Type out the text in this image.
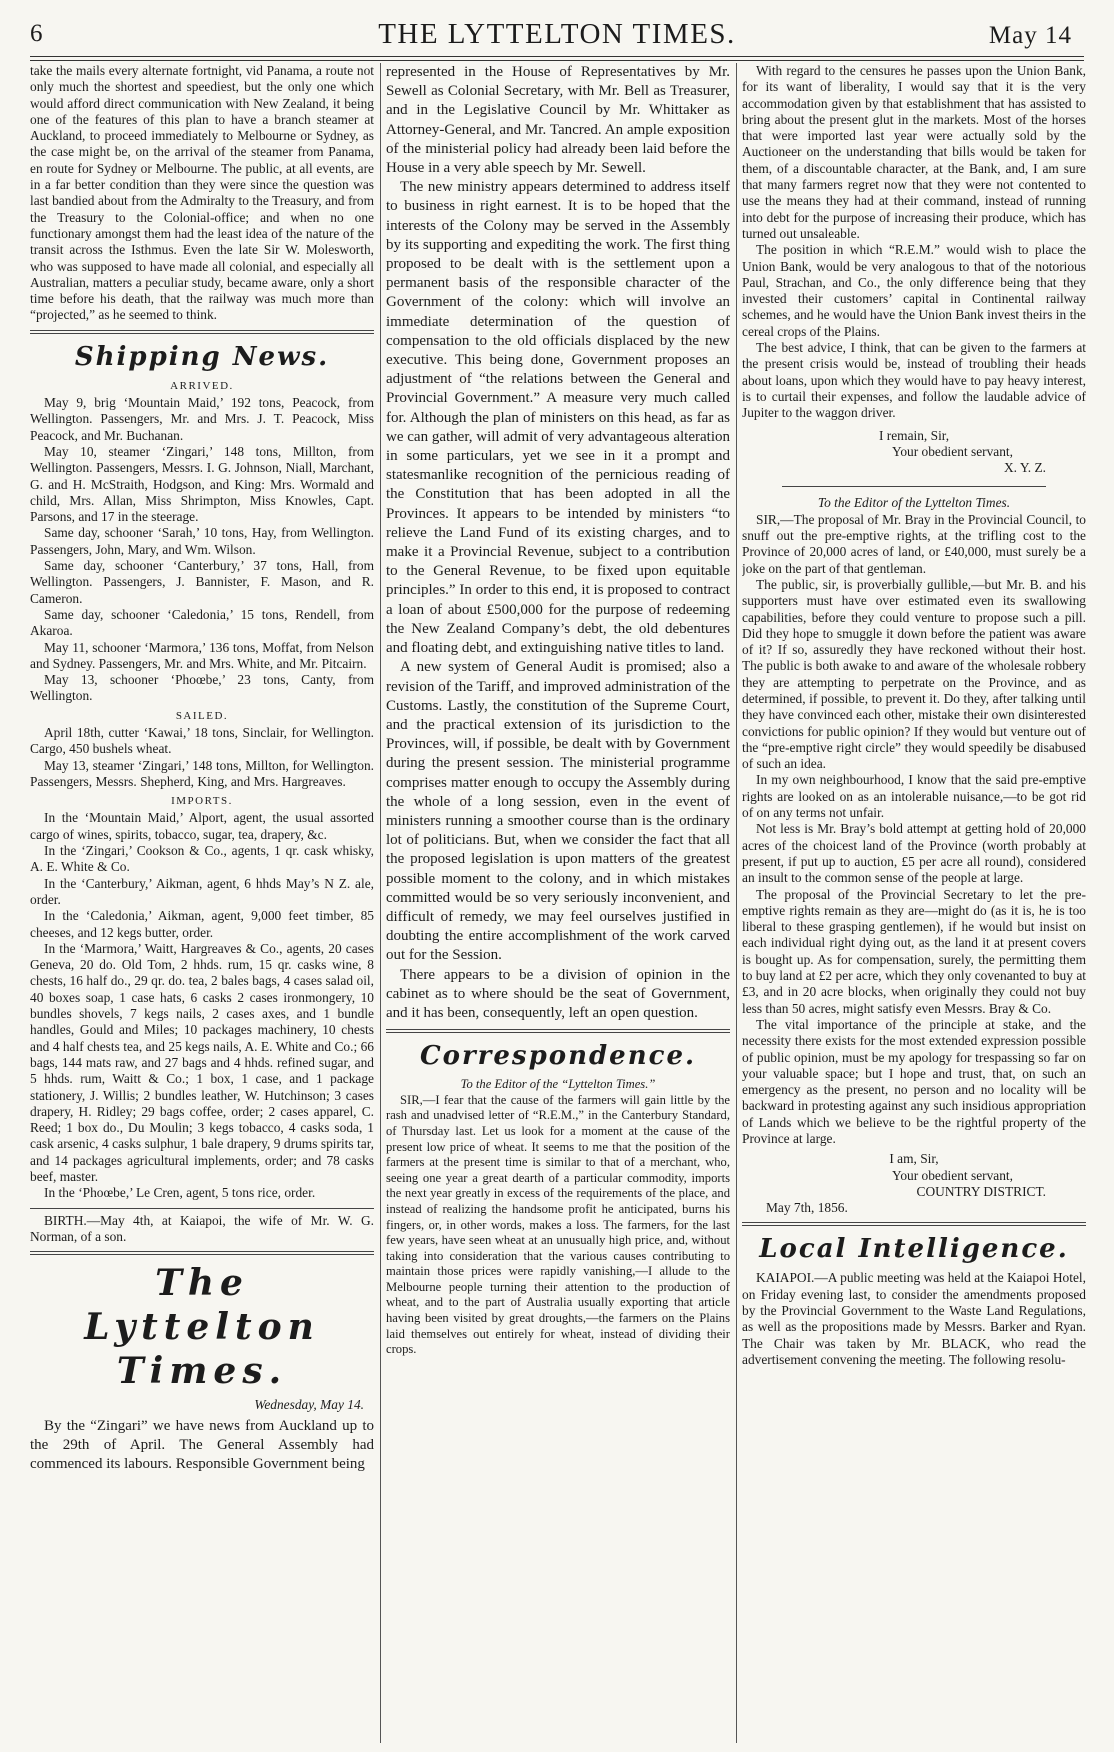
6	THE LYTTELTON TIMES.	May 14

take the mails every alternate fortnight, vid Panama, a route not only much the shortest and speediest, but the only one which would afford direct communication with New Zealand, it being one of the features of this plan to have a branch steamer at Auckland, to proceed immediately to Melbourne or Sydney, as the case might be, on the arrival of the steamer from Panama, en route for Sydney or Melbourne. The public, at all events, are in a far better condition than they were since the question was last bandied about from the Admiralty to the Treasury, and from the Treasury to the Colonial-office; and when no one functionary amongst them had the least idea of the nature of the transit across the Isthmus. Even the late Sir W. Molesworth, who was supposed to have made all colonial, and especially all Australian, matters a peculiar study, became aware, only a short time before his death, that the railway was much more than “projected,” as he seemed to think.

Shipping News.
ARRIVED.

May 9, brig ‘Mountain Maid,’ 192 tons, Peacock, from Wellington. Passengers, Mr. and Mrs. J. T. Peacock, Miss Peacock, and Mr. Buchanan.

May 10, steamer ‘Zingari,’ 148 tons, Millton, from Wellington. Passengers, Messrs. I. G. Johnson, Niall, Marchant, G. and H. McStraith, Hodgson, and King: Mrs. Wormald and child, Mrs. Allan, Miss Shrimpton, Miss Knowles, Capt. Parsons, and 17 in the steerage.

Same day, schooner ‘Sarah,’ 10 tons, Hay, from Wellington. Passengers, John, Mary, and Wm. Wilson.

Same day, schooner ‘Canterbury,’ 37 tons, Hall, from Wellington. Passengers, J. Bannister, F. Mason, and R. Cameron.

Same day, schooner ‘Caledonia,’ 15 tons, Rendell, from Akaroa.

May 11, schooner ‘Marmora,’ 136 tons, Moffat, from Nelson and Sydney. Passengers, Mr. and Mrs. White, and Mr. Pitcairn.

May 13, schooner ‘Phoœbe,’ 23 tons, Canty, from Wellington.

SAILED.

April 18th, cutter ‘Kawai,’ 18 tons, Sinclair, for Wellington. Cargo, 450 bushels wheat.

May 13, steamer ‘Zingari,’ 148 tons, Millton, for Wellington. Passengers, Messrs. Shepherd, King, and Mrs. Hargreaves.

IMPORTS.

In the ‘Mountain Maid,’ Alport, agent, the usual assorted cargo of wines, spirits, tobacco, sugar, tea, drapery, &c.

In the ‘Zingari,’ Cookson & Co., agents, 1 qr. cask whisky, A. E. White & Co.

In the ‘Canterbury,’ Aikman, agent, 6 hhds May’s N Z. ale, order.

In the ‘Caledonia,’ Aikman, agent, 9,000 feet timber, 85 cheeses, and 12 kegs butter, order.

In the ‘Marmora,’ Waitt, Hargreaves & Co., agents, 20 cases Geneva, 20 do. Old Tom, 2 hhds. rum, 15 qr. casks wine, 8 chests, 16 half do., 29 qr. do. tea, 2 bales bags, 4 cases salad oil, 40 boxes soap, 1 case hats, 6 casks 2 cases ironmongery, 10 bundles shovels, 7 kegs nails, 2 cases axes, and 1 bundle handles, Gould and Miles; 10 packages machinery, 10 chests and 4 half chests tea, and 25 kegs nails, A. E. White and Co.; 66 bags, 144 mats raw, and 27 bags and 4 hhds. refined sugar, and 5 hhds. rum, Waitt & Co.; 1 box, 1 case, and 1 package stationery, J. Willis; 2 bundles leather, W. Hutchinson; 3 cases drapery, H. Ridley; 29 bags coffee, order; 2 cases apparel, C. Reed; 1 box do., Du Moulin; 3 kegs tobacco, 4 casks soda, 1 cask arsenic, 4 casks sulphur, 1 bale drapery, 9 drums spirits tar, and 14 packages agricultural implements, order; and 78 casks beef, master.

In the ‘Phoœbe,’ Le Cren, agent, 5 tons rice, order.

BIRTH.—May 4th, at Kaiapoi, the wife of Mr. W. G. Norman, of a son.

The Lyttelton Times.
Wednesday, May 14.

By the “Zingari” we have news from Auckland up to the 29th of April. The General Assembly had commenced its labours. Responsible Government being

represented in the House of Representatives by Mr. Sewell as Colonial Secretary, with Mr. Bell as Treasurer, and in the Legislative Council by Mr. Whittaker as Attorney-General, and Mr. Tancred. An ample exposition of the ministerial policy had already been laid before the House in a very able speech by Mr. Sewell.

The new ministry appears determined to address itself to business in right earnest. It is to be hoped that the interests of the Colony may be served in the Assembly by its supporting and expediting the work. The first thing proposed to be dealt with is the settlement upon a permanent basis of the responsible character of the Government of the colony: which will involve an immediate determination of the question of compensation to the old officials displaced by the new executive. This being done, Government proposes an adjustment of “the relations between the General and Provincial Government.” A measure very much called for. Although the plan of ministers on this head, as far as we can gather, will admit of very advantageous alteration in some particulars, yet we see in it a prompt and statesmanlike recognition of the pernicious reading of the Constitution that has been adopted in all the Provinces. It appears to be intended by ministers “to relieve the Land Fund of its existing charges, and to make it a Provincial Revenue, subject to a contribution to the General Revenue, to be fixed upon equitable principles.” In order to this end, it is proposed to contract a loan of about £500,000 for the purpose of redeeming the New Zealand Company’s debt, the old debentures and floating debt, and extinguishing native titles to land.

A new system of General Audit is promised; also a revision of the Tariff, and improved administration of the Customs. Lastly, the constitution of the Supreme Court, and the practical extension of its jurisdiction to the Provinces, will, if possible, be dealt with by Government during the present session. The ministerial programme comprises matter enough to occupy the Assembly during the whole of a long session, even in the event of ministers running a smoother course than is the ordinary lot of politicians. But, when we consider the fact that all the proposed legislation is upon matters of the greatest possible moment to the colony, and in which mistakes committed would be so very seriously inconvenient, and difficult of remedy, we may feel ourselves justified in doubting the entire accomplishment of the work carved out for the Session.

There appears to be a division of opinion in the cabinet as to where should be the seat of Government, and it has been, consequently, left an open question.

Correspondence.
To the Editor of the “Lyttelton Times.”

SIR,—I fear that the cause of the farmers will gain little by the rash and unadvised letter of “R.E.M.,” in the Canterbury Standard, of Thursday last. Let us look for a moment at the cause of the present low price of wheat. It seems to me that the position of the farmers at the present time is similar to that of a merchant, who, seeing one year a great dearth of a particular commodity, imports the next year greatly in excess of the requirements of the place, and instead of realizing the handsome profit he anticipated, burns his fingers, or, in other words, makes a loss. The farmers, for the last few years, have seen wheat at an unusually high price, and, without taking into consideration that the various causes contributing to maintain those prices were rapidly vanishing,—I allude to the Melbourne people turning their attention to the production of wheat, and to the part of Australia usually exporting that article having been visited by great droughts,—the farmers on the Plains laid themselves out entirely for wheat, instead of dividing their crops.

With regard to the censures he passes upon the Union Bank, for its want of liberality, I would say that it is the very accommodation given by that establishment that has assisted to bring about the present glut in the markets. Most of the horses that were imported last year were actually sold by the Auctioneer on the understanding that bills would be taken for them, of a discountable character, at the Bank, and, I am sure that many farmers regret now that they were not contented to use the means they had at their command, instead of running into debt for the purpose of increasing their produce, which has turned out unsaleable.

The position in which “R.E.M.” would wish to place the Union Bank, would be very analogous to that of the notorious Paul, Strachan, and Co., the only difference being that they invested their customers’ capital in Continental railway schemes, and he would have the Union Bank invest theirs in the cereal crops of the Plains.

The best advice, I think, that can be given to the farmers at the present crisis would be, instead of troubling their heads about loans, upon which they would have to pay heavy interest, is to curtail their expenses, and follow the laudable advice of Jupiter to the waggon driver.

I remain, Sir,
Your obedient servant,
X. Y. Z.
To the Editor of the Lyttelton Times.

SIR,—The proposal of Mr. Bray in the Provincial Council, to snuff out the pre-emptive rights, at the trifling cost to the Province of 20,000 acres of land, or £40,000, must surely be a joke on the part of that gentleman.

The public, sir, is proverbially gullible,—but Mr. B. and his supporters must have over estimated even its swallowing capabilities, before they could venture to propose such a pill. Did they hope to smuggle it down before the patient was aware of it? If so, assuredly they have reckoned without their host. The public is both awake to and aware of the wholesale robbery they are attempting to perpetrate on the Province, and as determined, if possible, to prevent it. Do they, after talking until they have convinced each other, mistake their own disinterested convictions for public opinion? If they would but venture out of the “pre-emptive right circle” they would speedily be disabused of such an idea.

In my own neighbourhood, I know that the said pre-emptive rights are looked on as an intolerable nuisance,—to be got rid of on any terms not unfair.

Not less is Mr. Bray’s bold attempt at getting hold of 20,000 acres of the choicest land of the Province (worth probably at present, if put up to auction, £5 per acre all round), considered an insult to the common sense of the people at large.

The proposal of the Provincial Secretary to let the pre-emptive rights remain as they are—might do (as it is, he is too liberal to these grasping gentlemen), if he would but insist on each individual right dying out, as the land it at present covers is bought up. As for compensation, surely, the permitting them to buy land at £2 per acre, which they only covenanted to buy at £3, and in 20 acre blocks, when originally they could not buy less than 50 acres, might satisfy even Messrs. Bray & Co.

The vital importance of the principle at stake, and the necessity there exists for the most extended expression possible of public opinion, must be my apology for trespassing so far on your valuable space; but I hope and trust, that, on such an emergency as the present, no person and no locality will be backward in protesting against any such insidious appropriation of Lands which we believe to be the rightful property of the Province at large.

I am, Sir,
Your obedient servant,
COUNTRY DISTRICT.
May 7th, 1856.
Local Intelligence.

KAIAPOI.—A public meeting was held at the Kaiapoi Hotel, on Friday evening last, to consider the amendments proposed by the Provincial Government to the Waste Land Regulations, as well as the propositions made by Messrs. Barker and Ryan. The Chair was taken by Mr. BLACK, who read the advertisement convening the meeting. The following resolu-
